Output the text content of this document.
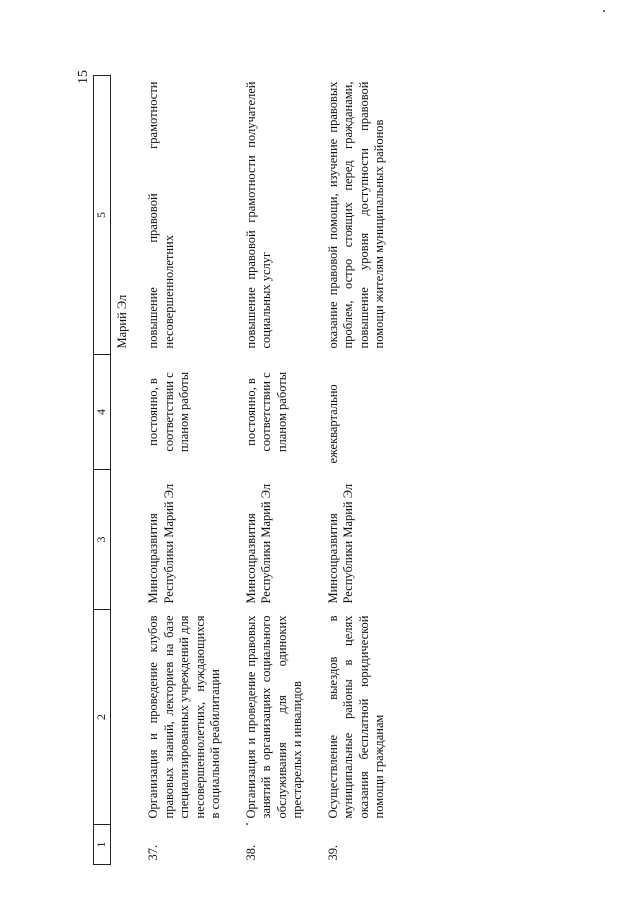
15
1	2	3	4	5
				Марий Эл
37.	Организация и проведение клубов правовых знаний, лекториев на базе специализированных учреждений для несовершеннолетних, нуждающихся в социальной реабилитации	Минсоцразвития Республики Марий Эл	постоянно, в соответствии с планом работы	повышение правовой грамотности несовершеннолетних
38.	Организация и проведение правовых занятий в организациях социального обслуживания для одиноких престарелых и инвалидов	Минсоцразвития Республики Марий Эл	постоянно, в соответствии с планом работы	повышение правовой грамотности получателей социальных услуг
39.	Осуществление выездов в муниципальные районы в целях оказания бесплатной юридической помощи гражданам	Минсоцразвития Республики Марий Эл	ежеквартально	оказание правовой помощи, изучение правовых проблем, остро стоящих перед гражданами, повышение уровня доступности правовой помощи жителям муниципальных районов
